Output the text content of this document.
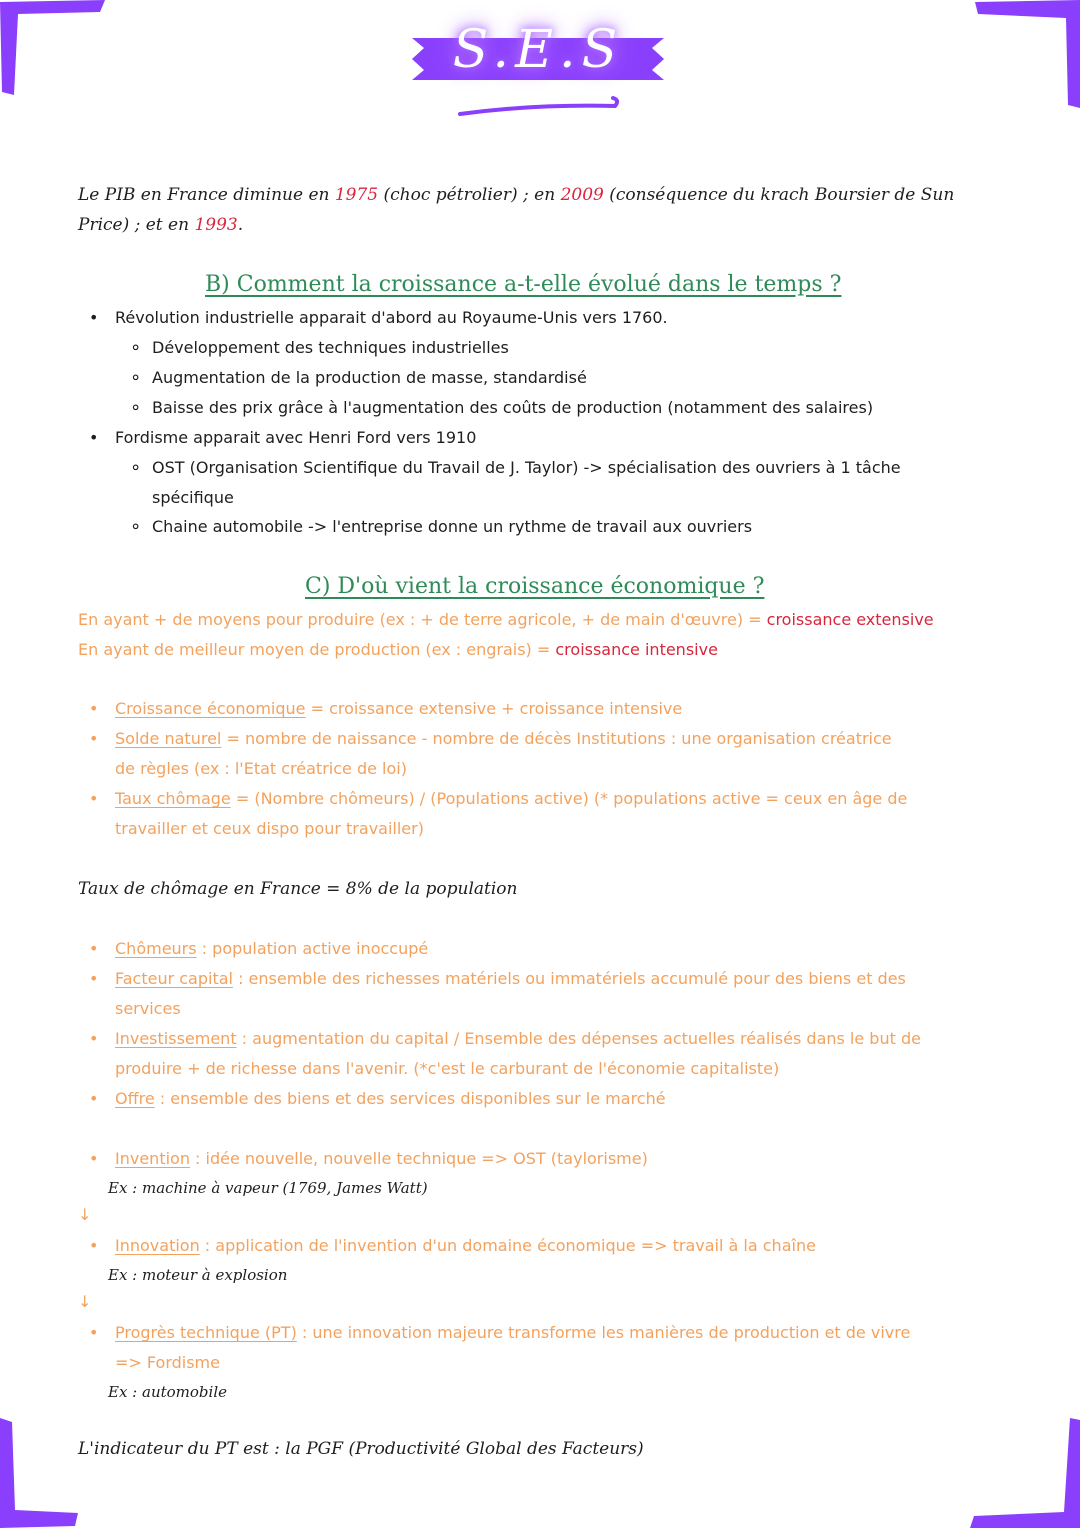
S.E.S
Le PIB en France diminue en 1975 (choc pétrolier) ; en 2009 (conséquence du krach Boursier de Sun
Price) ; et en 1993.
B) Comment la croissance a-t-elle évolué dans le temps ?
• Révolution industrielle apparait d'abord au Royaume-Unis vers 1760.
∘ Développement des techniques industrielles
∘ Augmentation de la production de masse, standardisé
∘ Baisse des prix grâce à l'augmentation des coûts de production (notamment des salaires)
• Fordisme apparait avec Henri Ford vers 1910
∘ OST (Organisation Scientifique du Travail de J. Taylor) -> spécialisation des ouvriers à 1 tâche
spécifique
∘ Chaine automobile -> l'entreprise donne un rythme de travail aux ouvriers
C) D'où vient la croissance économique ?
En ayant + de moyens pour produire (ex : + de terre agricole, + de main d'œuvre) = croissance extensive
En ayant de meilleur moyen de production (ex : engrais) = croissance intensive
• Croissance économique = croissance extensive + croissance intensive
• Solde naturel = nombre de naissance - nombre de décès Institutions : une organisation créatrice
de règles (ex : l'Etat créatrice de loi)
• Taux chômage = (Nombre chômeurs) / (Populations active) (* populations active = ceux en âge de
travailler et ceux dispo pour travailler)
Taux de chômage en France = 8% de la population
• Chômeurs : population active inoccupé
• Facteur capital : ensemble des richesses matériels ou immatériels accumulé pour des biens et des
services
• Investissement : augmentation du capital / Ensemble des dépenses actuelles réalisés dans le but de
produire + de richesse dans l'avenir. (*c'est le carburant de l'économie capitaliste)
• Offre : ensemble des biens et des services disponibles sur le marché
• Invention : idée nouvelle, nouvelle technique => OST (taylorisme)
Ex : machine à vapeur (1769, James Watt)
↓
• Innovation : application de l'invention d'un domaine économique => travail à la chaîne
Ex : moteur à explosion
↓
• Progrès technique (PT) : une innovation majeure transforme les manières de production et de vivre
=> Fordisme
Ex : automobile
L'indicateur du PT est : la PGF (Productivité Global des Facteurs)
